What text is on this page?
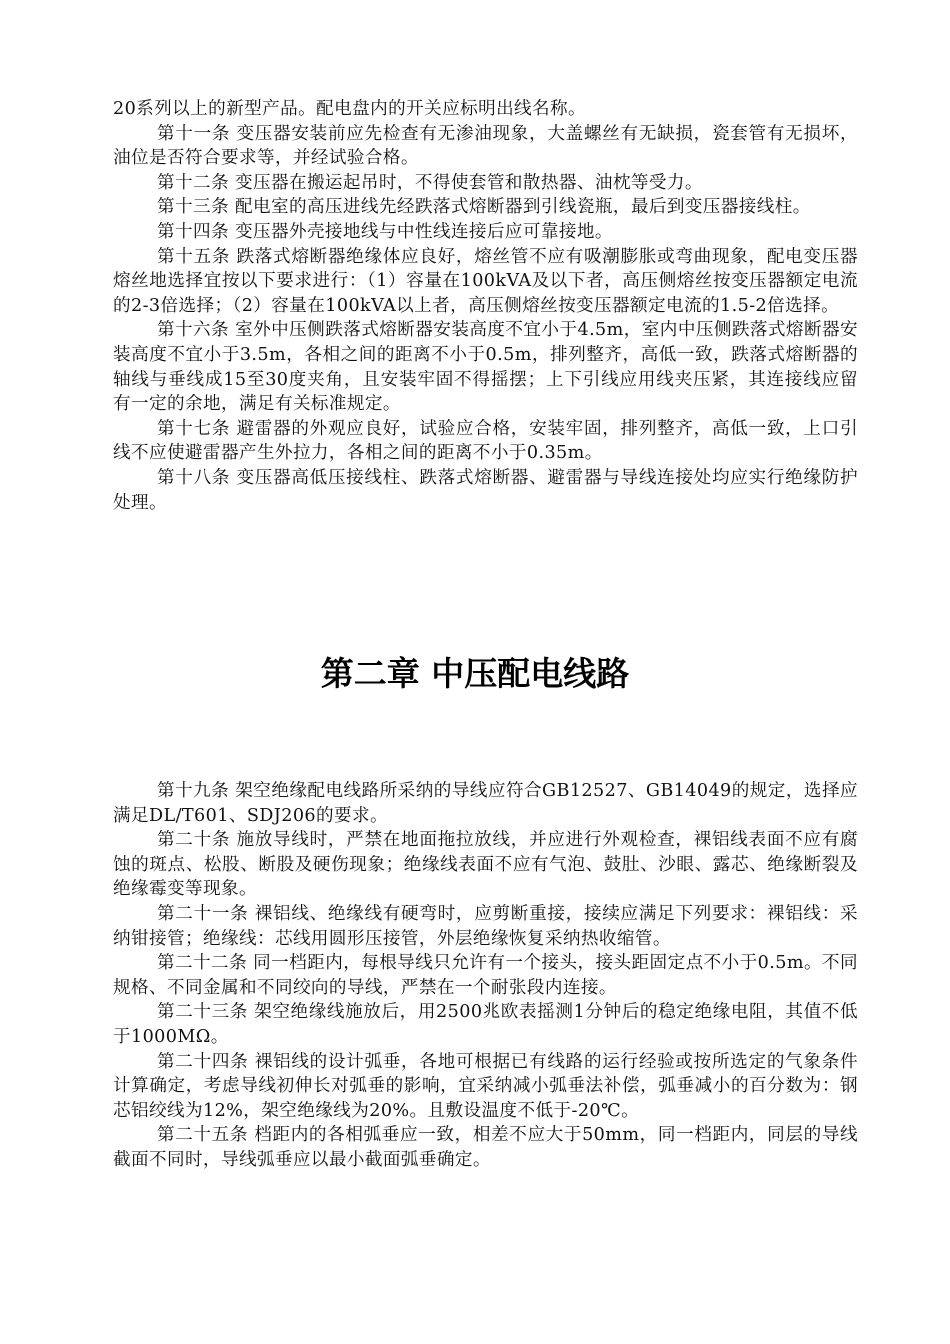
20系列以上的新型产品。配电盘内的开关应标明出线名称。

第十一条 变压器安装前应先检查有无渗油现象，大盖螺丝有无缺损，瓷套管有无损坏，油位是否符合要求等，并经试验合格。

第十二条 变压器在搬运起吊时，不得使套管和散热器、油枕等受力。

第十三条 配电室的高压进线先经跌落式熔断器到引线瓷瓶，最后到变压器接线柱。

第十四条 变压器外壳接地线与中性线连接后应可靠接地。

第十五条 跌落式熔断器绝缘体应良好，熔丝管不应有吸潮膨胀或弯曲现象，配电变压器熔丝地选择宜按以下要求进行：（1）容量在100kVA及以下者，高压侧熔丝按变压器额定电流的2-3倍选择；（2）容量在100kVA以上者，高压侧熔丝按变压器额定电流的1.5-2倍选择。

第十六条 室外中压侧跌落式熔断器安装高度不宜小于4.5m，室内中压侧跌落式熔断器安装高度不宜小于3.5m，各相之间的距离不小于0.5m，排列整齐，高低一致，跌落式熔断器的轴线与垂线成15至30度夹角，且安装牢固不得摇摆；上下引线应用线夹压紧，其连接线应留有一定的余地，满足有关标准规定。

第十七条 避雷器的外观应良好，试验应合格，安装牢固，排列整齐，高低一致，上口引线不应使避雷器产生外拉力，各相之间的距离不小于0.35m。

第十八条 变压器高低压接线柱、跌落式熔断器、避雷器与导线连接处均应实行绝缘防护处理。

第二章 中压配电线路

第十九条 架空绝缘配电线路所采纳的导线应符合GB12527、GB14049的规定，选择应满足DL/T601、SDJ206的要求。

第二十条 施放导线时，严禁在地面拖拉放线，并应进行外观检查，裸铝线表面不应有腐蚀的斑点、松股、断股及硬伤现象；绝缘线表面不应有气泡、鼓肚、沙眼、露芯、绝缘断裂及绝缘霉变等现象。

第二十一条 裸铝线、绝缘线有硬弯时，应剪断重接，接续应满足下列要求：裸铝线：采纳钳接管；绝缘线：芯线用圆形压接管，外层绝缘恢复采纳热收缩管。

第二十二条 同一档距内，每根导线只允许有一个接头，接头距固定点不小于0.5m。不同规格、不同金属和不同绞向的导线，严禁在一个耐张段内连接。

第二十三条 架空绝缘线施放后，用2500兆欧表摇测1分钟后的稳定绝缘电阻，其值不低于1000MΩ。

第二十四条 裸铝线的设计弧垂，各地可根据已有线路的运行经验或按所选定的气象条件计算确定，考虑导线初伸长对弧垂的影响，宜采纳减小弧垂法补偿，弧垂减小的百分数为：钢芯铝绞线为12%，架空绝缘线为20%。且敷设温度不低于-20℃。

第二十五条 档距内的各相弧垂应一致，相差不应大于50mm，同一档距内，同层的导线截面不同时，导线弧垂应以最小截面弧垂确定。
